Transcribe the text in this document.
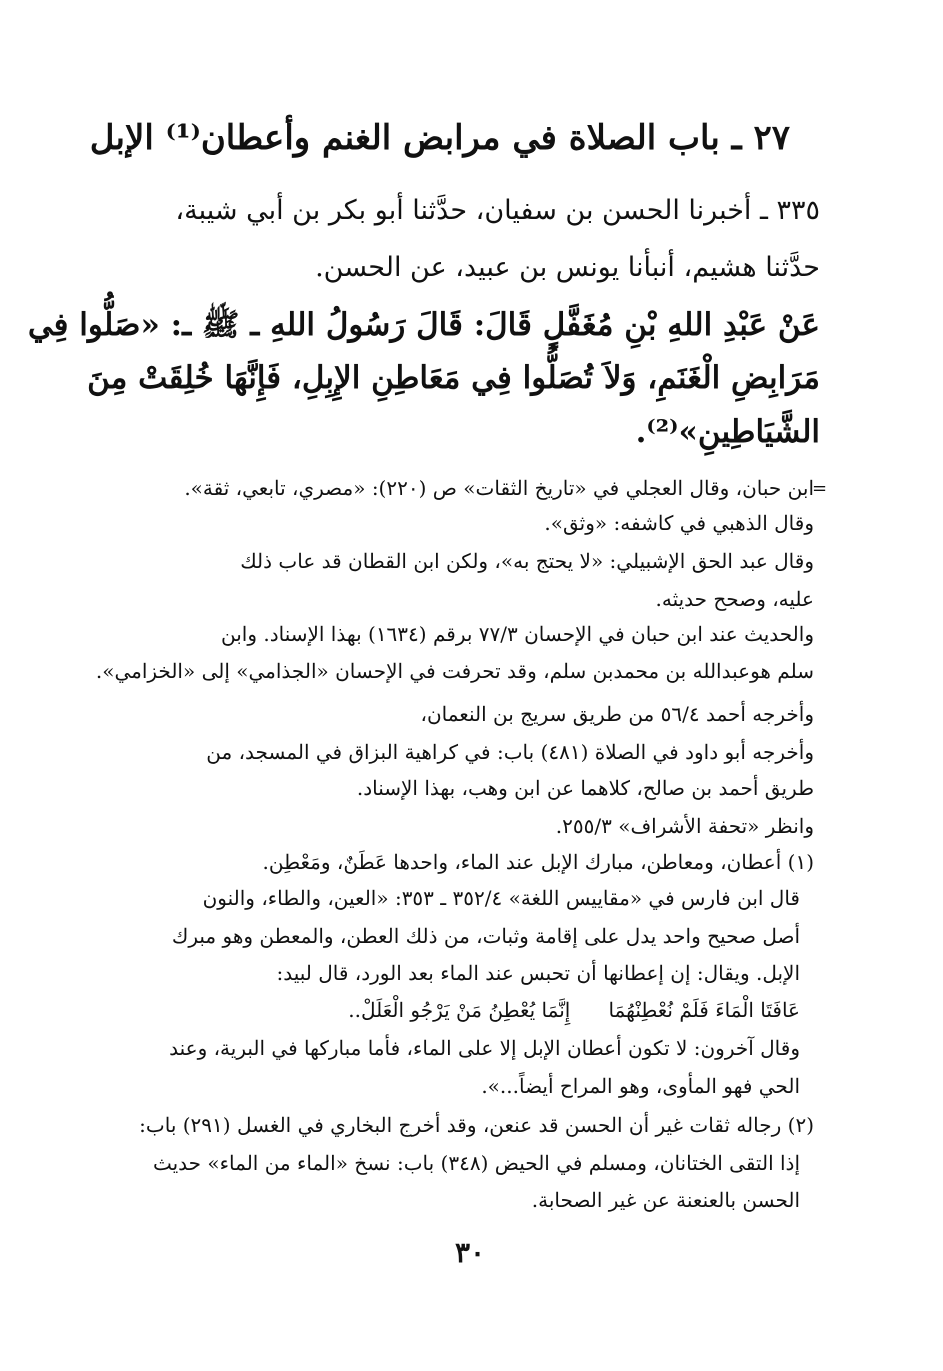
٢٧ ـ باب الصلاة في مرابض الغنم وأعطان⁽¹⁾ الإبل
٣٣٥ ـ أخبرنا الحسن بن سفيان، حدَّثنا أبو بكر بن أبي شيبة،
حدَّثنا هشيم، أنبأنا يونس بن عبيد، عن الحسن.
عَنْ عَبْدِ اللهِ بْنِ مُغَفَّلٍ قَالَ: قَالَ رَسُولُ اللهِ ـ ﷺ ـ: «صَلُّوا فِي
مَرَابِضِ الْغَنَمِ، وَلاَ تُصَلُّوا فِي مَعَاطِنِ الإِبِلِ، فَإِنَّهَا خُلِقَتْ مِنَ
الشَّيَاطِينِ»⁽²⁾.
=
ابن حبان، وقال العجلي في «تاريخ الثقات» ص (٢٢٠): «مصري، تابعي، ثقة».
وقال الذهبي في كاشفه: «وثق».
وقال عبد الحق الإشبيلي: «لا يحتج به»، ولكن ابن القطان قد عاب ذلك
عليه، وصحح حديثه.
والحديث عند ابن حبان في الإحسان ٧٧/٣ برقم (١٦٣٤) بهذا الإسناد. وابن
سلم هوعبدالله بن محمدبن سلم، وقد تحرفت في الإحسان «الجذامي» إلى «الخزامي».
وأخرجه أحمد ٥٦/٤ من طريق سريج بن النعمان،
وأخرجه أبو داود في الصلاة (٤٨١) باب: في كراهية البزاق في المسجد، من
طريق أحمد بن صالح، كلاهما عن ابن وهب، بهذا الإسناد.
وانظر «تحفة الأشراف» ٢٥٥/٣.
(١) أعطان، ومعاطن، مبارك الإبل عند الماء، واحدها عَطَنٌ، ومَعْطِن.
قال ابن فارس في «مقاييس اللغة» ٣٥٢/٤ ـ ٣٥٣: «العين، والطاء، والنون
أصل صحيح واحد يدل على إقامة وثبات، من ذلك العطن، والمعطن وهو مبرك
الإبل. ويقال: إن إعطانها أن تحبس عند الماء بعد الورد، قال لبيد:
عَافَتَا الْمَاءَ فَلَمْ نُعْطِنْهُمَا      إِنَّمَا يُعْطِنُ مَنْ يَرْجُو الْعَلَلْ..
وقال آخرون: لا تكون أعطان الإبل إلا على الماء، فأما مباركها في البرية، وعند
الحي فهو المأوى، وهو المراح أيضاً...».
(٢) رجاله ثقات غير أن الحسن قد عنعن، وقد أخرج البخاري في الغسل (٢٩١) باب:
إذا التقى الختانان، ومسلم في الحيض (٣٤٨) باب: نسخ «الماء من الماء» حديث
الحسن بالعنعنة عن غير الصحابة.
٣٠
